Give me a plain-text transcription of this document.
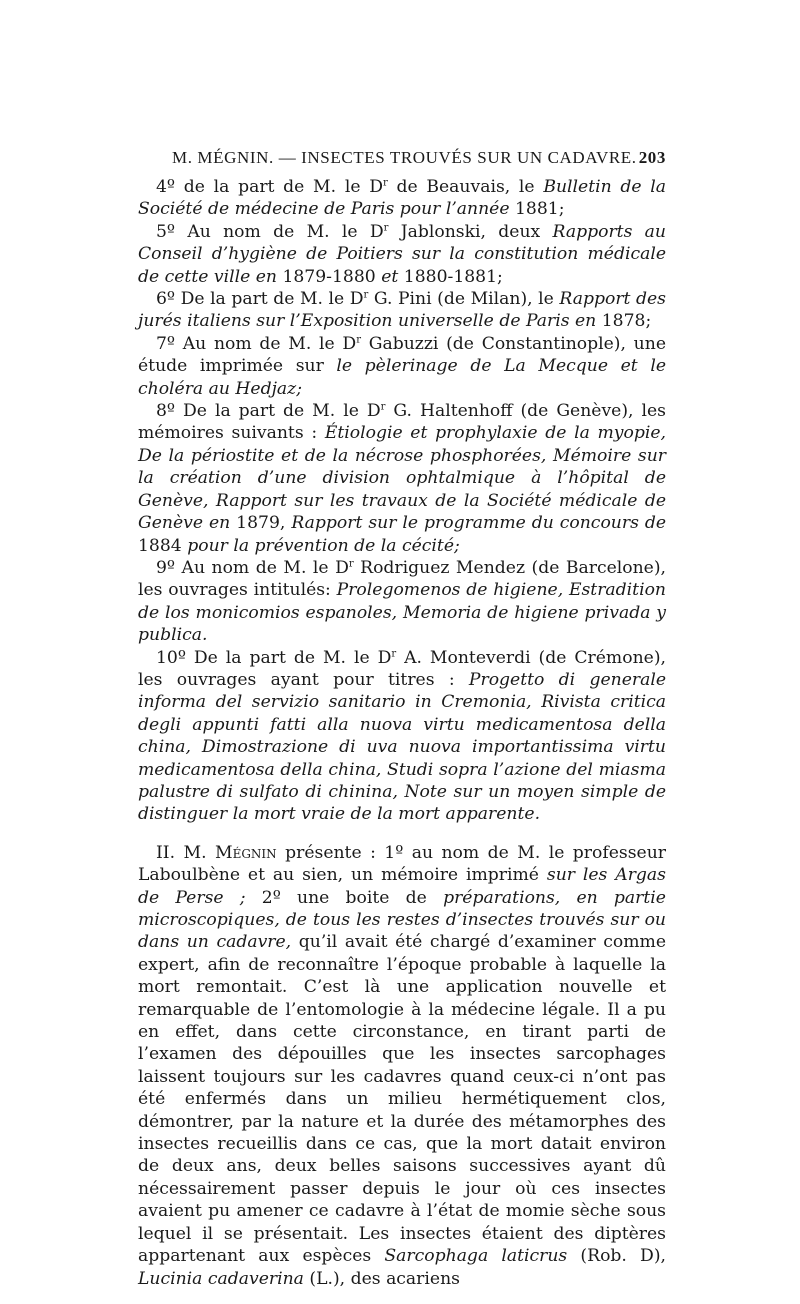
M. MÉGNIN. — INSECTES TROUVÉS SUR UN CADAVRE. 203

4º de la part de M. le $D^r$ de Beauvais, le Bulletin de la Société de médecine de Paris pour l’année 1881;

5º Au nom de M. le $D^r$ Jablonski, deux Rapports au Conseil d’hygiène de Poitiers sur la constitution médicale de cette ville en 1879-1880 et 1880-1881;

6º De la part de M. le $D^r$ G. Pini (de Milan), le Rapport des jurés italiens sur l’Exposition universelle de Paris en 1878;

7º Au nom de M. le $D^r$ Gabuzzi (de Constantinople), une étude imprimée sur le pèlerinage de La Mecque et le choléra au Hedjaz;

8º De la part de M. le $D^r$ G. Haltenhoff (de Genève), les mémoires suivants : Étiologie et prophylaxie de la myopie, De la périostite et de la nécrose phosphorées, Mémoire sur la création d’une division ophtalmique à l’hôpital de Genève, Rapport sur les travaux de la Société médicale de Genève en 1879, Rapport sur le programme du concours de 1884 pour la prévention de la cécité;

9º Au nom de M. le $D^r$ Rodriguez Mendez (de Barcelone), les ouvrages intitulés: Prolegomenos de higiene, Estradition de los monicomios espanoles, Memoria de higiene privada y publica.

10º De la part de M. le $D^r$ A. Monteverdi (de Crémone), les ouvrages ayant pour titres : Progetto di generale informa del servizio sanitario in Cremonia, Rivista critica degli appunti fatti alla nuova virtu medicamentosa della china, Dimostrazione di uva nuova importantissima virtu medicamentosa della china, Studi sopra l’azione del miasma palustre di sulfato di chinina, Note sur un moyen simple de distinguer la mort vraie de la mort apparente.

II. M. Mégnin présente : 1º au nom de M. le professeur Laboulbène et au sien, un mémoire imprimé sur les Argas de Perse ; 2º une boite de préparations, en partie microscopiques, de tous les restes d’insectes trouvés sur ou dans un cadavre, qu’il avait été chargé d’examiner comme expert, afin de reconnaître l’époque probable à laquelle la mort remontait. C’est là une application nouvelle et remarquable de l’entomologie à la médecine légale. Il a pu en effet, dans cette circonstance, en tirant parti de l’examen des dépouilles que les insectes sarcophages laissent toujours sur les cadavres quand ceux-ci n’ont pas été enfermés dans un milieu hermétiquement clos, démontrer, par la nature et la durée des métamorphes des insectes recueillis dans ce cas, que la mort datait environ de deux ans, deux belles saisons successives ayant dû nécessairement passer depuis le jour où ces insectes avaient pu amener ce cadavre à l’état de momie sèche sous lequel il se présentait. Les insectes étaient des diptères appartenant aux espèces Sarcophaga laticrus (Rob. D), Lucinia cadaverina (L.), des acariens
